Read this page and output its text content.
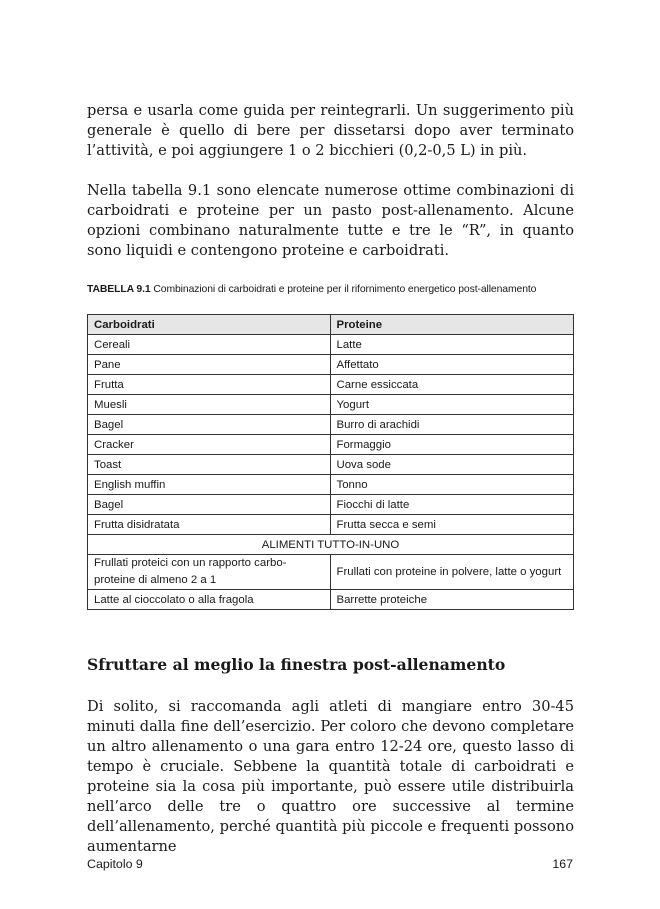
persa e usarla come guida per reintegrarli. Un suggerimento più generale è quello di bere per dissetarsi dopo aver terminato l’attività, e poi aggiungere 1 o 2 bicchieri (0,2-0,5 L) in più.

Nella tabella 9.1 sono elencate numerose ottime combinazioni di carboidrati e proteine per un pasto post-allenamento. Alcune opzioni combinano naturalmente tutte e tre le “R”, in quanto sono liquidi e contengono proteine e carboidrati.

TABELLA 9.1 Combinazioni di carboidrati e proteine per il rifornimento energetico post-allenamento
Carboidrati	Proteine
Cereali	Latte
Pane	Affettato
Frutta	Carne essiccata
Muesli	Yogurt
Bagel	Burro di arachidi
Cracker	Formaggio
Toast	Uova sode
English muffin	Tonno
Bagel	Fiocchi di latte
Frutta disidratata	Frutta secca e semi
ALIMENTI TUTTO-IN-UNO	
Frullati proteici con un rapporto carbo-proteine di almeno 2 a 1	Frullati con proteine in polvere, latte o yogurt
Latte al cioccolato o alla fragola	Barrette proteiche
Sfruttare al meglio la finestra post-allenamento

Di solito, si raccomanda agli atleti di mangiare entro 30-45 minuti dalla fine dell’esercizio. Per coloro che devono completare un altro allenamento o una gara entro 12-24 ore, questo lasso di tempo è cruciale. Sebbene la quantità totale di carboidrati e proteine sia la cosa più importante, può essere utile distribuirla nell’arco delle tre o quattro ore successive al termine dell’allenamento, perché quantità più piccole e frequenti possono aumentarne

Capitolo 9	167
